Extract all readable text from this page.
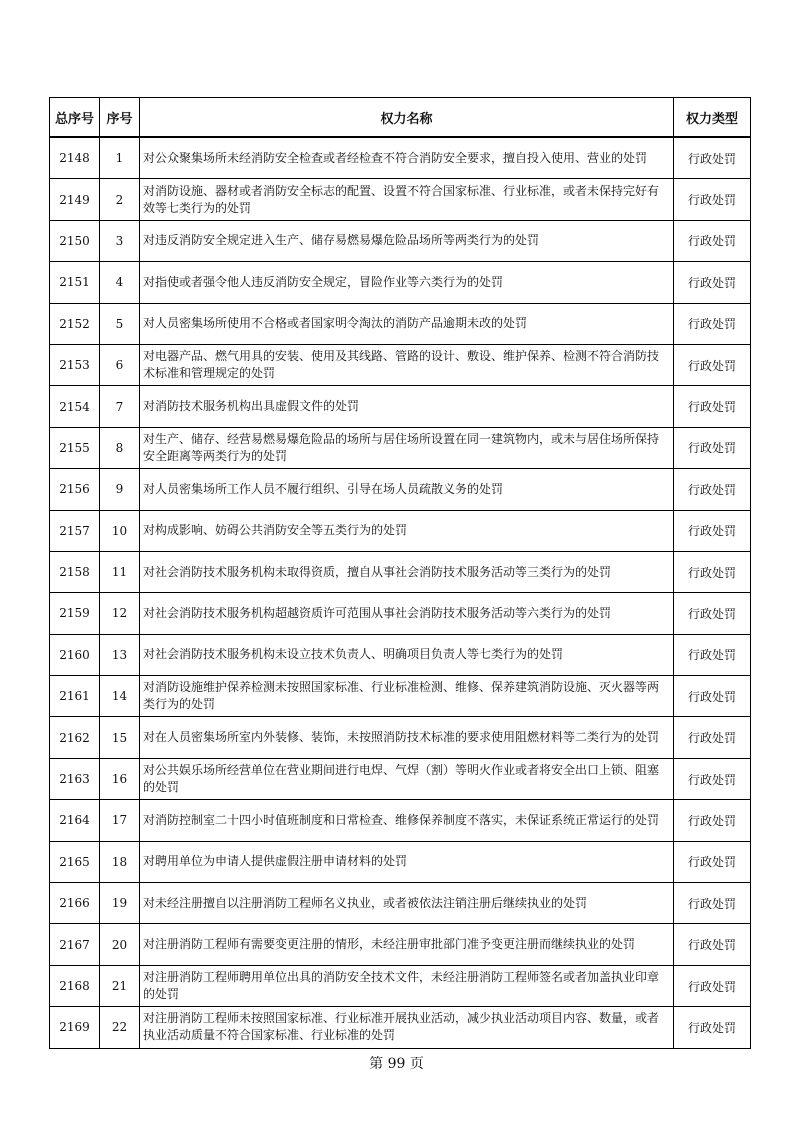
总序号	序号	权力名称	权力类型
2148	1	对公众聚集场所未经消防安全检查或者经检查不符合消防安全要求，擅自投入使用、营业的处罚	行政处罚
2149	2	对消防设施、器材或者消防安全标志的配置、设置不符合国家标准、行业标准，或者未保持完好有效等七类行为的处罚	行政处罚
2150	3	对违反消防安全规定进入生产、储存易燃易爆危险品场所等两类行为的处罚	行政处罚
2151	4	对指使或者强令他人违反消防安全规定，冒险作业等六类行为的处罚	行政处罚
2152	5	对人员密集场所使用不合格或者国家明令淘汰的消防产品逾期未改的处罚	行政处罚
2153	6	对电器产品、燃气用具的安装、使用及其线路、管路的设计、敷设、维护保养、检测不符合消防技术标准和管理规定的处罚	行政处罚
2154	7	对消防技术服务机构出具虚假文件的处罚	行政处罚
2155	8	对生产、储存、经营易燃易爆危险品的场所与居住场所设置在同一建筑物内，或未与居住场所保持安全距离等两类行为的处罚	行政处罚
2156	9	对人员密集场所工作人员不履行组织、引导在场人员疏散义务的处罚	行政处罚
2157	10	对构成影响、妨碍公共消防安全等五类行为的处罚	行政处罚
2158	11	对社会消防技术服务机构未取得资质，擅自从事社会消防技术服务活动等三类行为的处罚	行政处罚
2159	12	对社会消防技术服务机构超越资质许可范围从事社会消防技术服务活动等六类行为的处罚	行政处罚
2160	13	对社会消防技术服务机构未设立技术负责人、明确项目负责人等七类行为的处罚	行政处罚
2161	14	对消防设施维护保养检测未按照国家标准、行业标准检测、维修、保养建筑消防设施、灭火器等两类行为的处罚	行政处罚
2162	15	对在人员密集场所室内外装修、装饰，未按照消防技术标准的要求使用阻燃材料等二类行为的处罚	行政处罚
2163	16	对公共娱乐场所经营单位在营业期间进行电焊、气焊（割）等明火作业或者将安全出口上锁、阻塞的处罚	行政处罚
2164	17	对消防控制室二十四小时值班制度和日常检查、维修保养制度不落实，未保证系统正常运行的处罚	行政处罚
2165	18	对聘用单位为申请人提供虚假注册申请材料的处罚	行政处罚
2166	19	对未经注册擅自以注册消防工程师名义执业，或者被依法注销注册后继续执业的处罚	行政处罚
2167	20	对注册消防工程师有需要变更注册的情形，未经注册审批部门准予变更注册而继续执业的处罚	行政处罚
2168	21	对注册消防工程师聘用单位出具的消防安全技术文件，未经注册消防工程师签名或者加盖执业印章的处罚	行政处罚
2169	22	对注册消防工程师未按照国家标准、行业标准开展执业活动，减少执业活动项目内容、数量，或者执业活动质量不符合国家标准、行业标准的处罚	行政处罚
第 99 页
